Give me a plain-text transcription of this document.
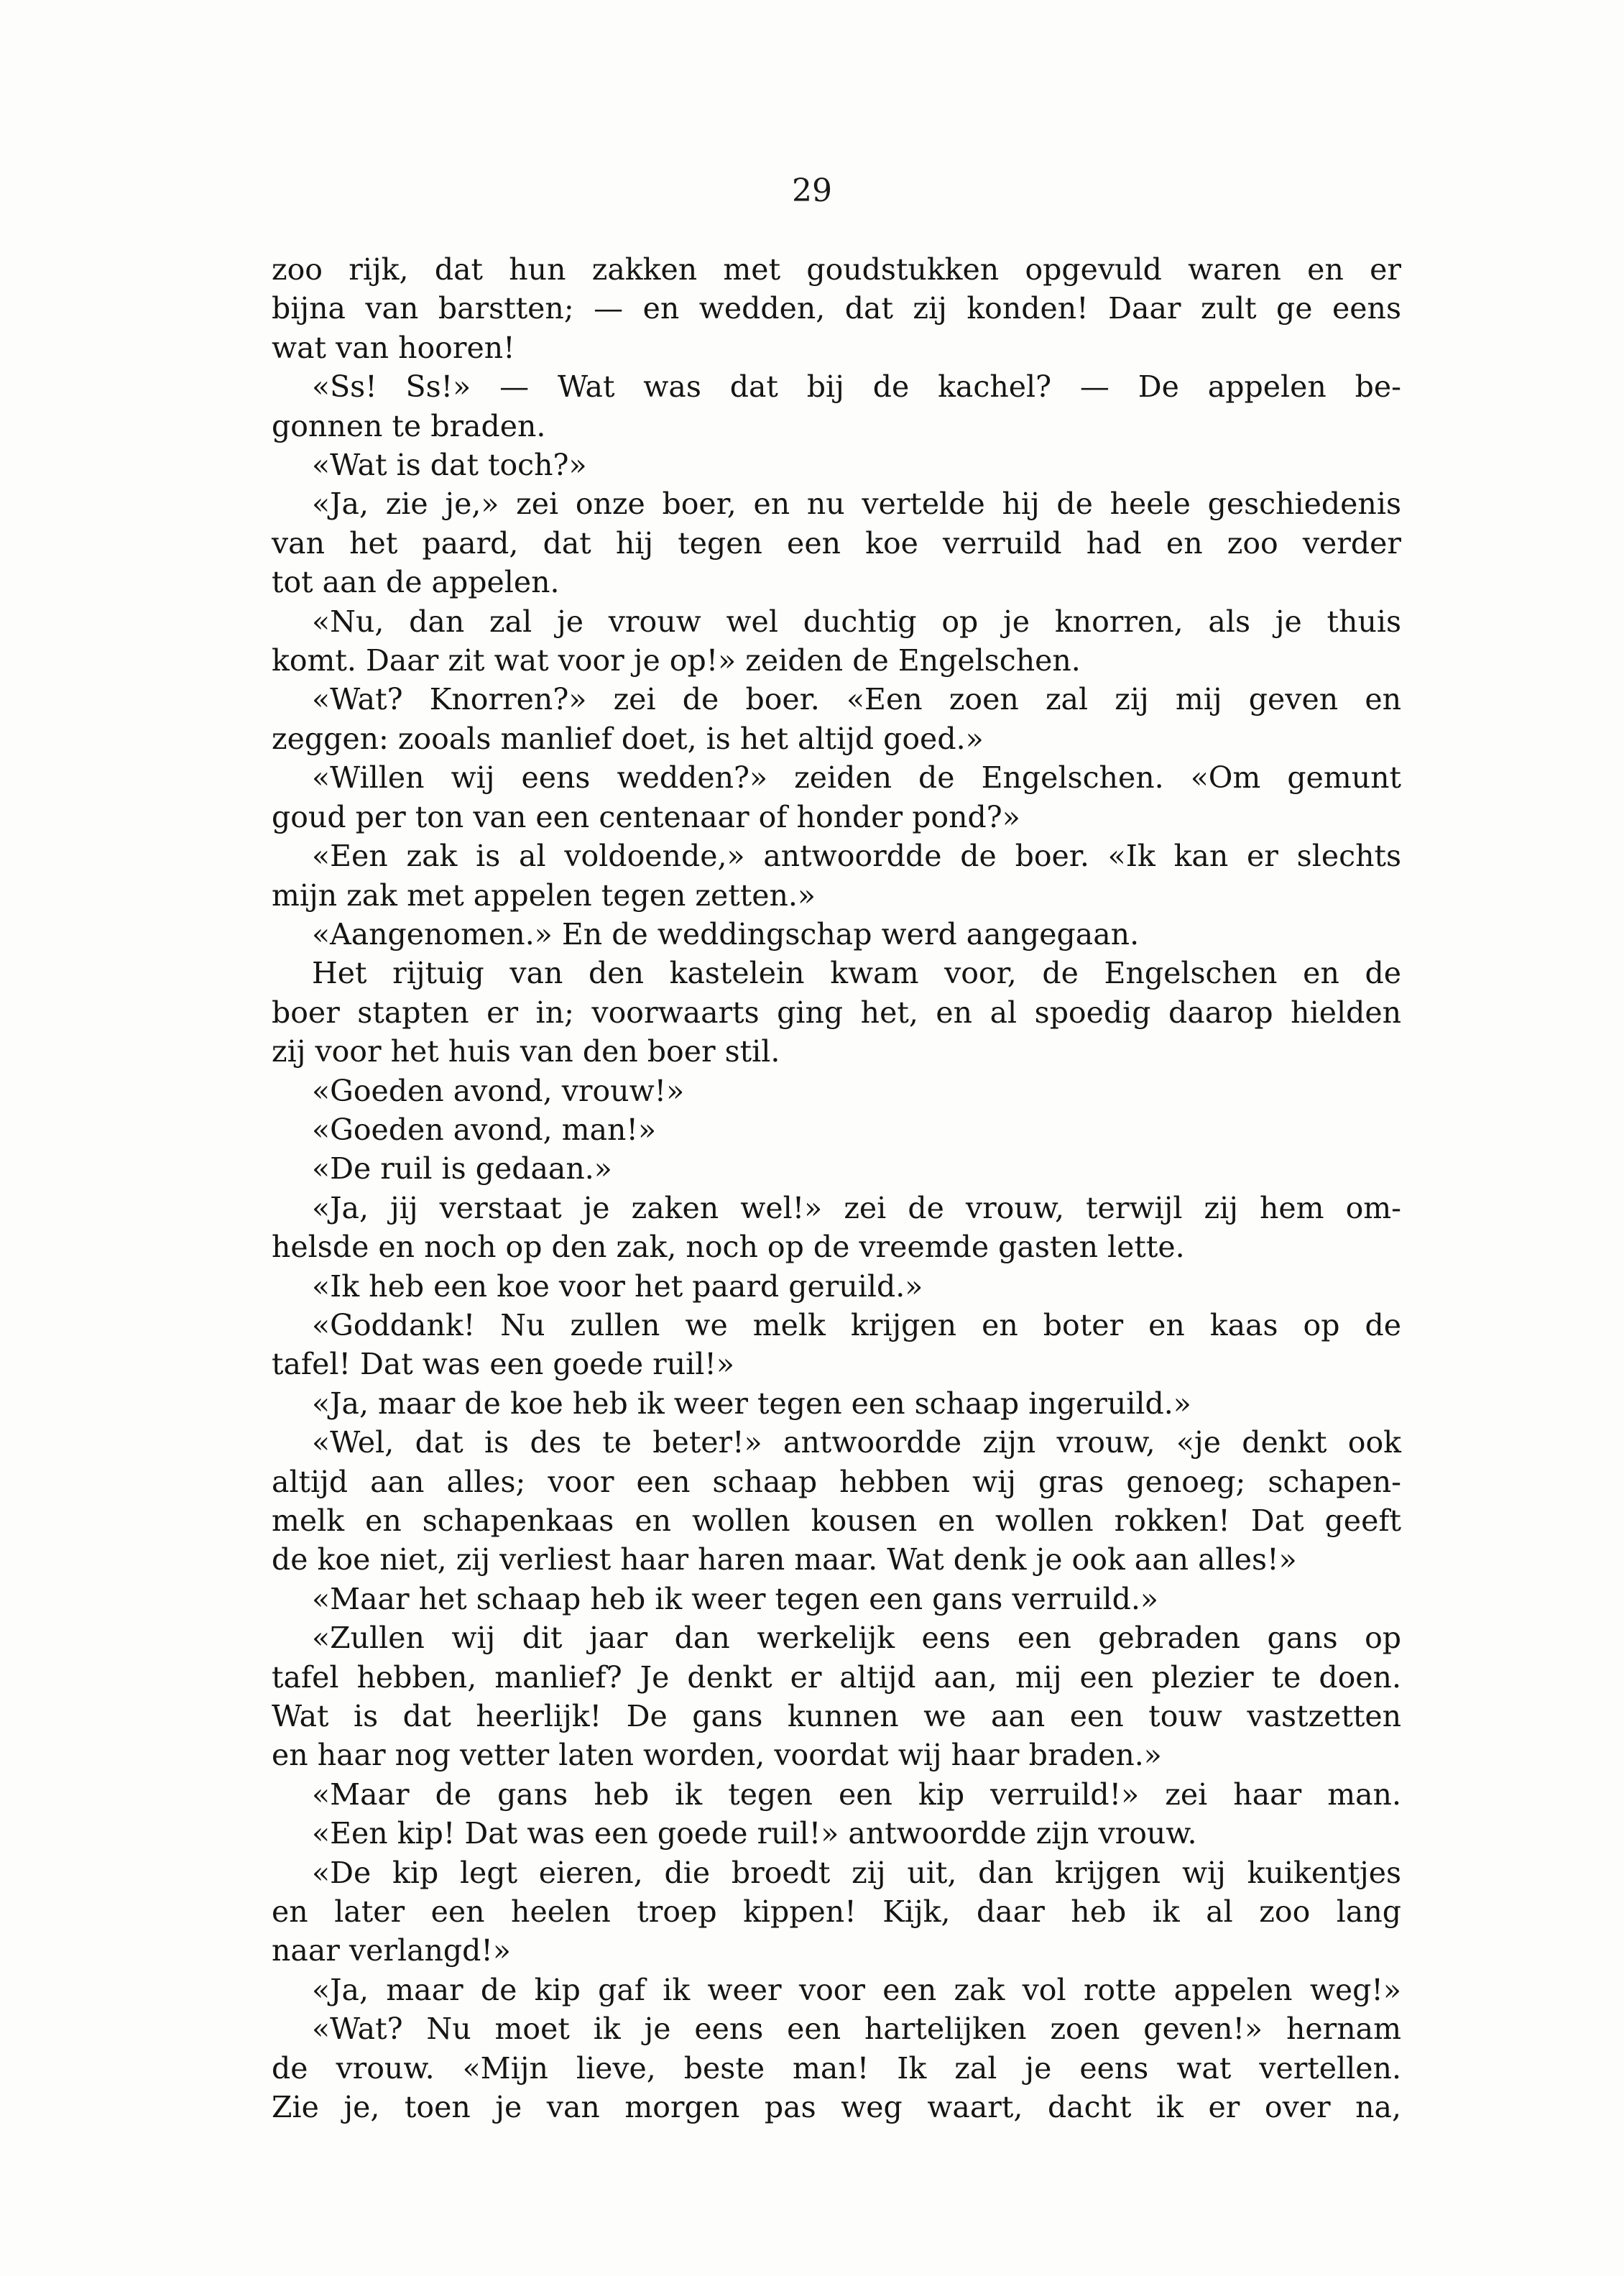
29
zoo rijk, dat hun zakken met goudstukken opgevuld waren en er
bijna van barstten; — en wedden, dat zij konden! Daar zult ge eens
wat van hooren!
«Ss! Ss!» — Wat was dat bij de kachel? — De appelen be-
gonnen te braden.
«Wat is dat toch?»
«Ja, zie je,» zei onze boer, en nu vertelde hij de heele geschiedenis
van het paard, dat hij tegen een koe verruild had en zoo verder
tot aan de appelen.
«Nu, dan zal je vrouw wel duchtig op je knorren, als je thuis
komt. Daar zit wat voor je op!» zeiden de Engelschen.
«Wat? Knorren?» zei de boer. «Een zoen zal zij mij geven en
zeggen: zooals manlief doet, is het altijd goed.»
«Willen wij eens wedden?» zeiden de Engelschen. «Om gemunt
goud per ton van een centenaar of honder pond?»
«Een zak is al voldoende,» antwoordde de boer. «Ik kan er slechts
mijn zak met appelen tegen zetten.»
«Aangenomen.» En de weddingschap werd aangegaan.
Het rijtuig van den kastelein kwam voor, de Engelschen en de
boer stapten er in; voorwaarts ging het, en al spoedig daarop hielden
zij voor het huis van den boer stil.
«Goeden avond, vrouw!»
«Goeden avond, man!»
«De ruil is gedaan.»
«Ja, jij verstaat je zaken wel!» zei de vrouw, terwijl zij hem om-
helsde en noch op den zak, noch op de vreemde gasten lette.
«Ik heb een koe voor het paard geruild.»
«Goddank! Nu zullen we melk krijgen en boter en kaas op de
tafel! Dat was een goede ruil!»
«Ja, maar de koe heb ik weer tegen een schaap ingeruild.»
«Wel, dat is des te beter!» antwoordde zijn vrouw, «je denkt ook
altijd aan alles; voor een schaap hebben wij gras genoeg; schapen-
melk en schapenkaas en wollen kousen en wollen rokken! Dat geeft
de koe niet, zij verliest haar haren maar. Wat denk je ook aan alles!»
«Maar het schaap heb ik weer tegen een gans verruild.»
«Zullen wij dit jaar dan werkelijk eens een gebraden gans op
tafel hebben, manlief? Je denkt er altijd aan, mij een plezier te doen.
Wat is dat heerlijk! De gans kunnen we aan een touw vastzetten
en haar nog vetter laten worden, voordat wij haar braden.»
«Maar de gans heb ik tegen een kip verruild!» zei haar man.
«Een kip! Dat was een goede ruil!» antwoordde zijn vrouw.
«De kip legt eieren, die broedt zij uit, dan krijgen wij kuikentjes
en later een heelen troep kippen! Kijk, daar heb ik al zoo lang
naar verlangd!»
«Ja, maar de kip gaf ik weer voor een zak vol rotte appelen weg!»
«Wat? Nu moet ik je eens een hartelijken zoen geven!» hernam
de vrouw. «Mijn lieve, beste man! Ik zal je eens wat vertellen.
Zie je, toen je van morgen pas weg waart, dacht ik er over na,
